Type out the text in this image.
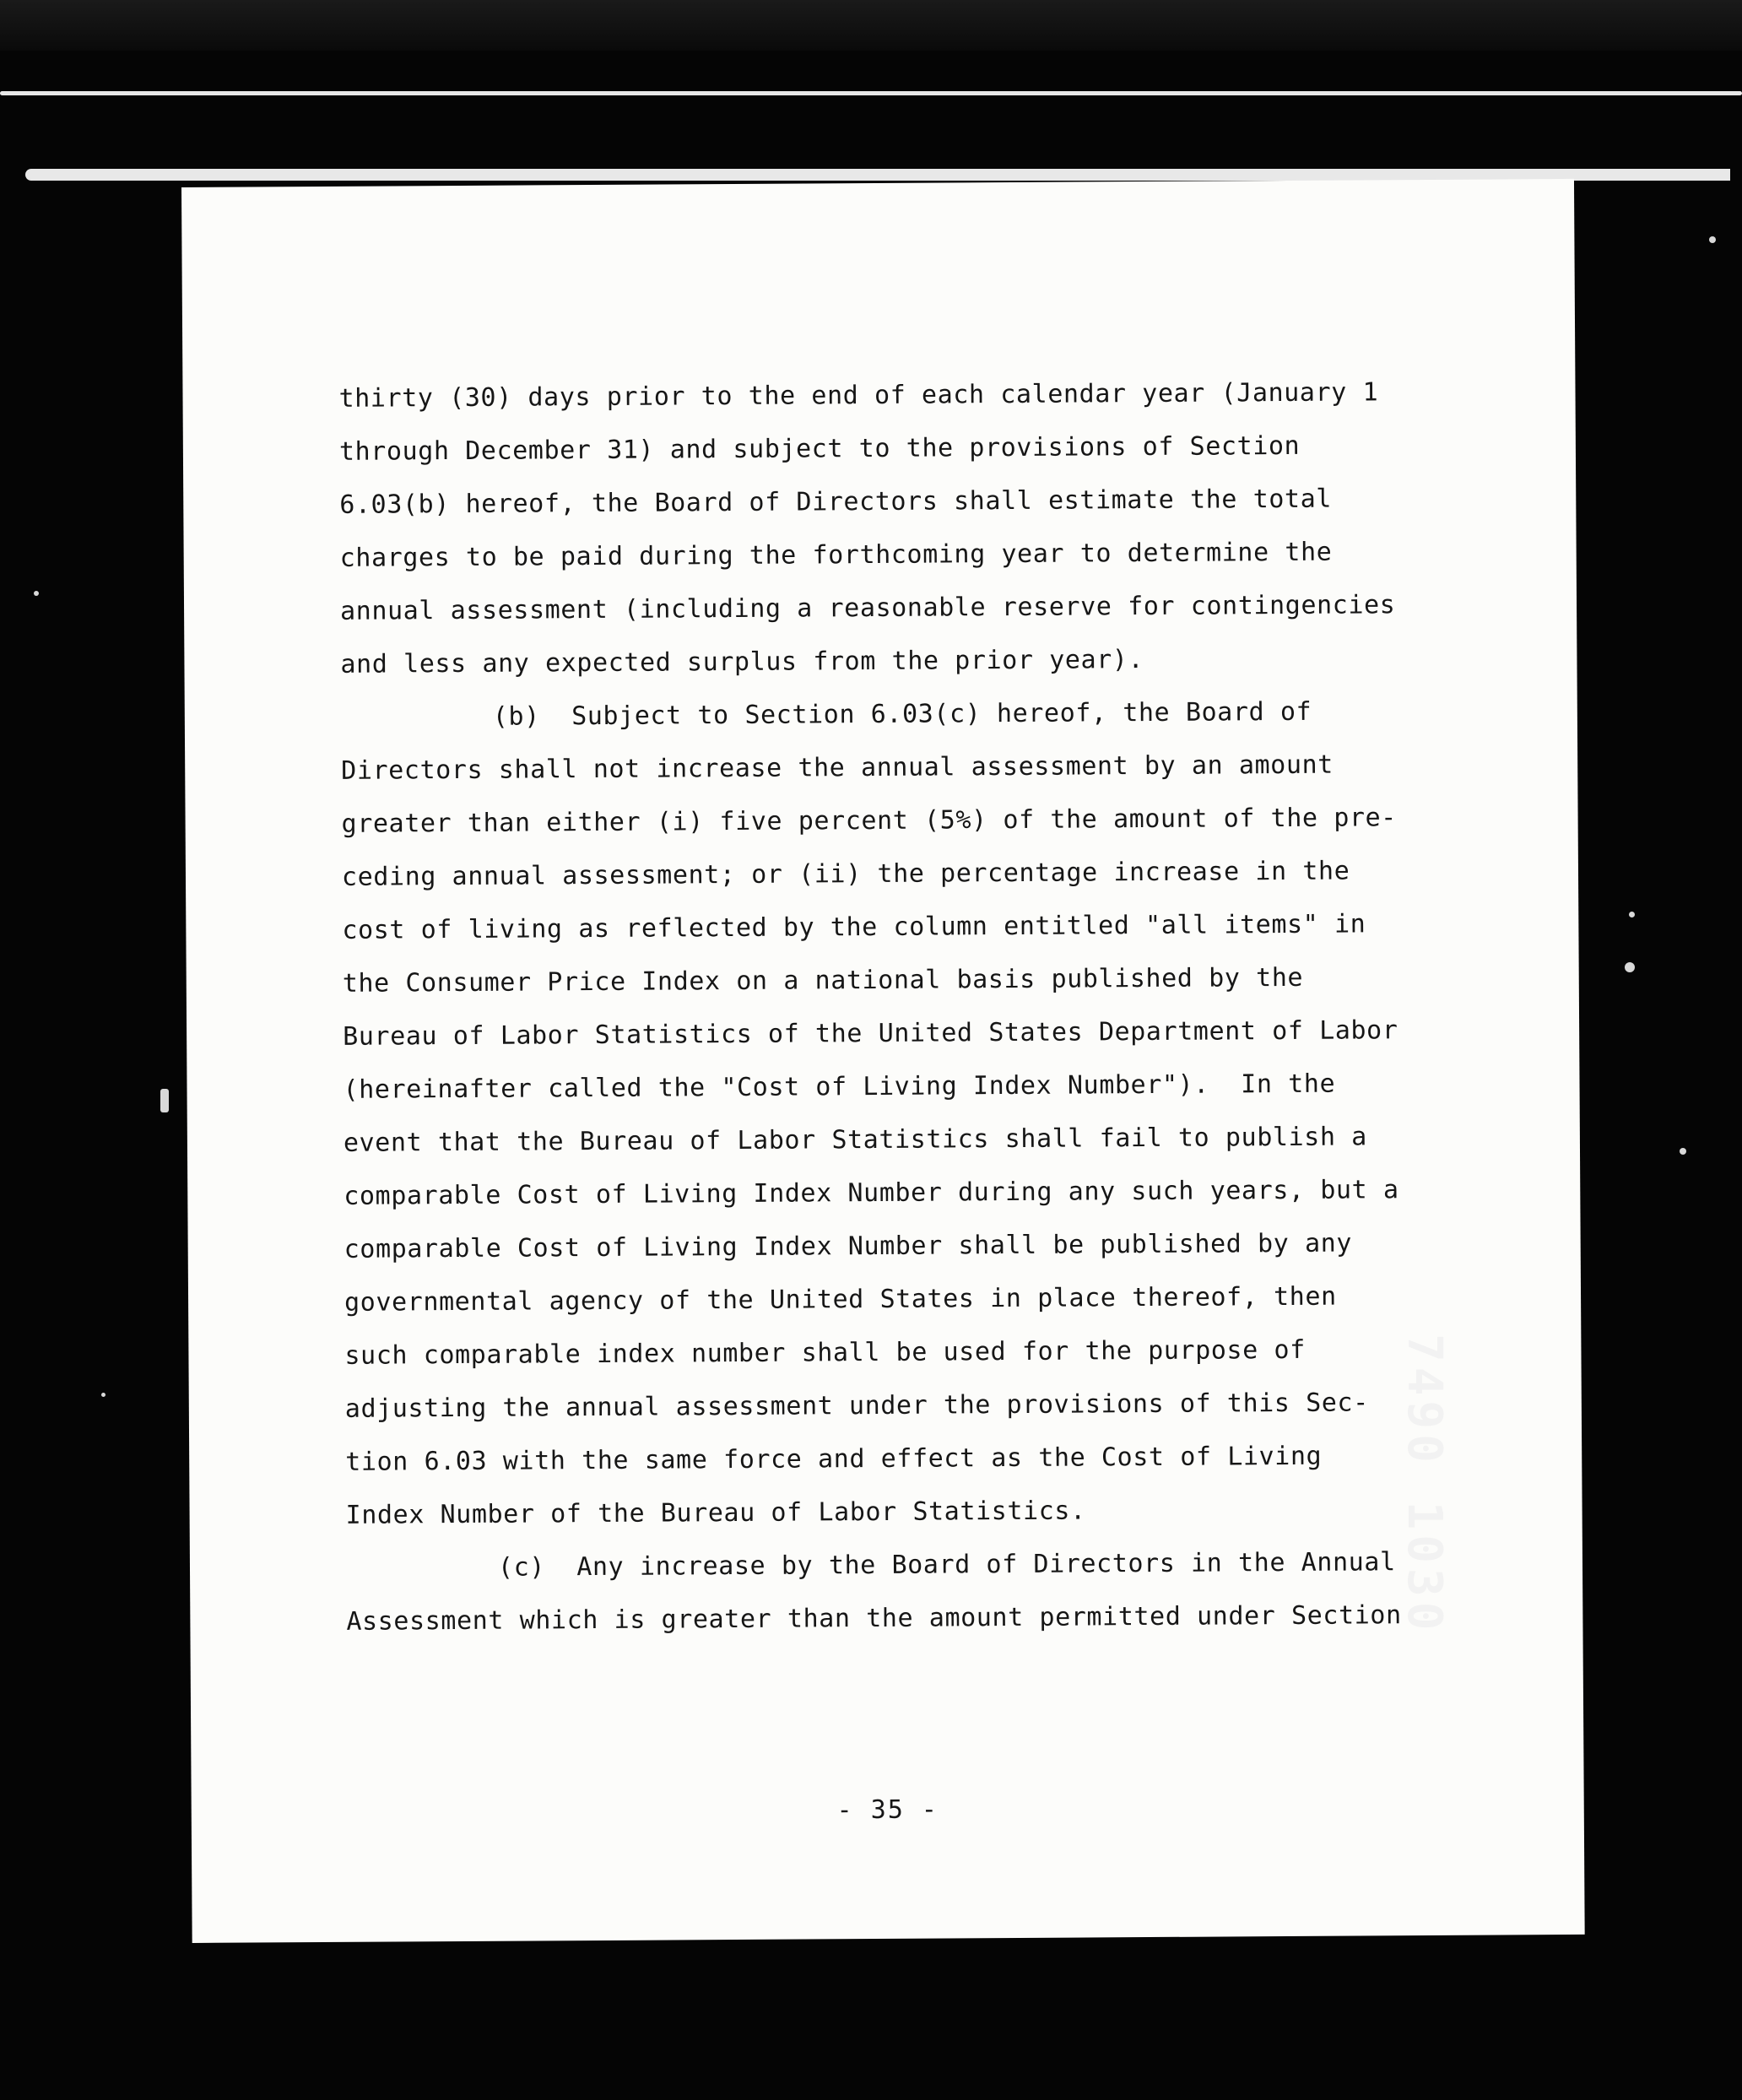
thirty (30) days prior to the end of each calendar year (January 1
through December 31) and subject to the provisions of Section
6.03(b) hereof, the Board of Directors shall estimate the total
charges to be paid during the forthcoming year to determine the
annual assessment (including a reasonable reserve for contingencies
and less any expected surplus from the prior year).

(b)  Subject to Section 6.03(c) hereof, the Board of
Directors shall not increase the annual assessment by an amount
greater than either (i) five percent (5%) of the amount of the pre-
ceding annual assessment; or (ii) the percentage increase in the
cost of living as reflected by the column entitled "all items" in
the Consumer Price Index on a national basis published by the
Bureau of Labor Statistics of the United States Department of Labor
(hereinafter called the "Cost of Living Index Number").  In the
event that the Bureau of Labor Statistics shall fail to publish a
comparable Cost of Living Index Number during any such years, but a
comparable Cost of Living Index Number shall be published by any
governmental agency of the United States in place thereof, then
such comparable index number shall be used for the purpose of
adjusting the annual assessment under the provisions of this Sec-
tion 6.03 with the same force and effect as the Cost of Living
Index Number of the Bureau of Labor Statistics.

(c)  Any increase by the Board of Directors in the Annual
Assessment which is greater than the amount permitted under Section

- 35 -
7490 1030
